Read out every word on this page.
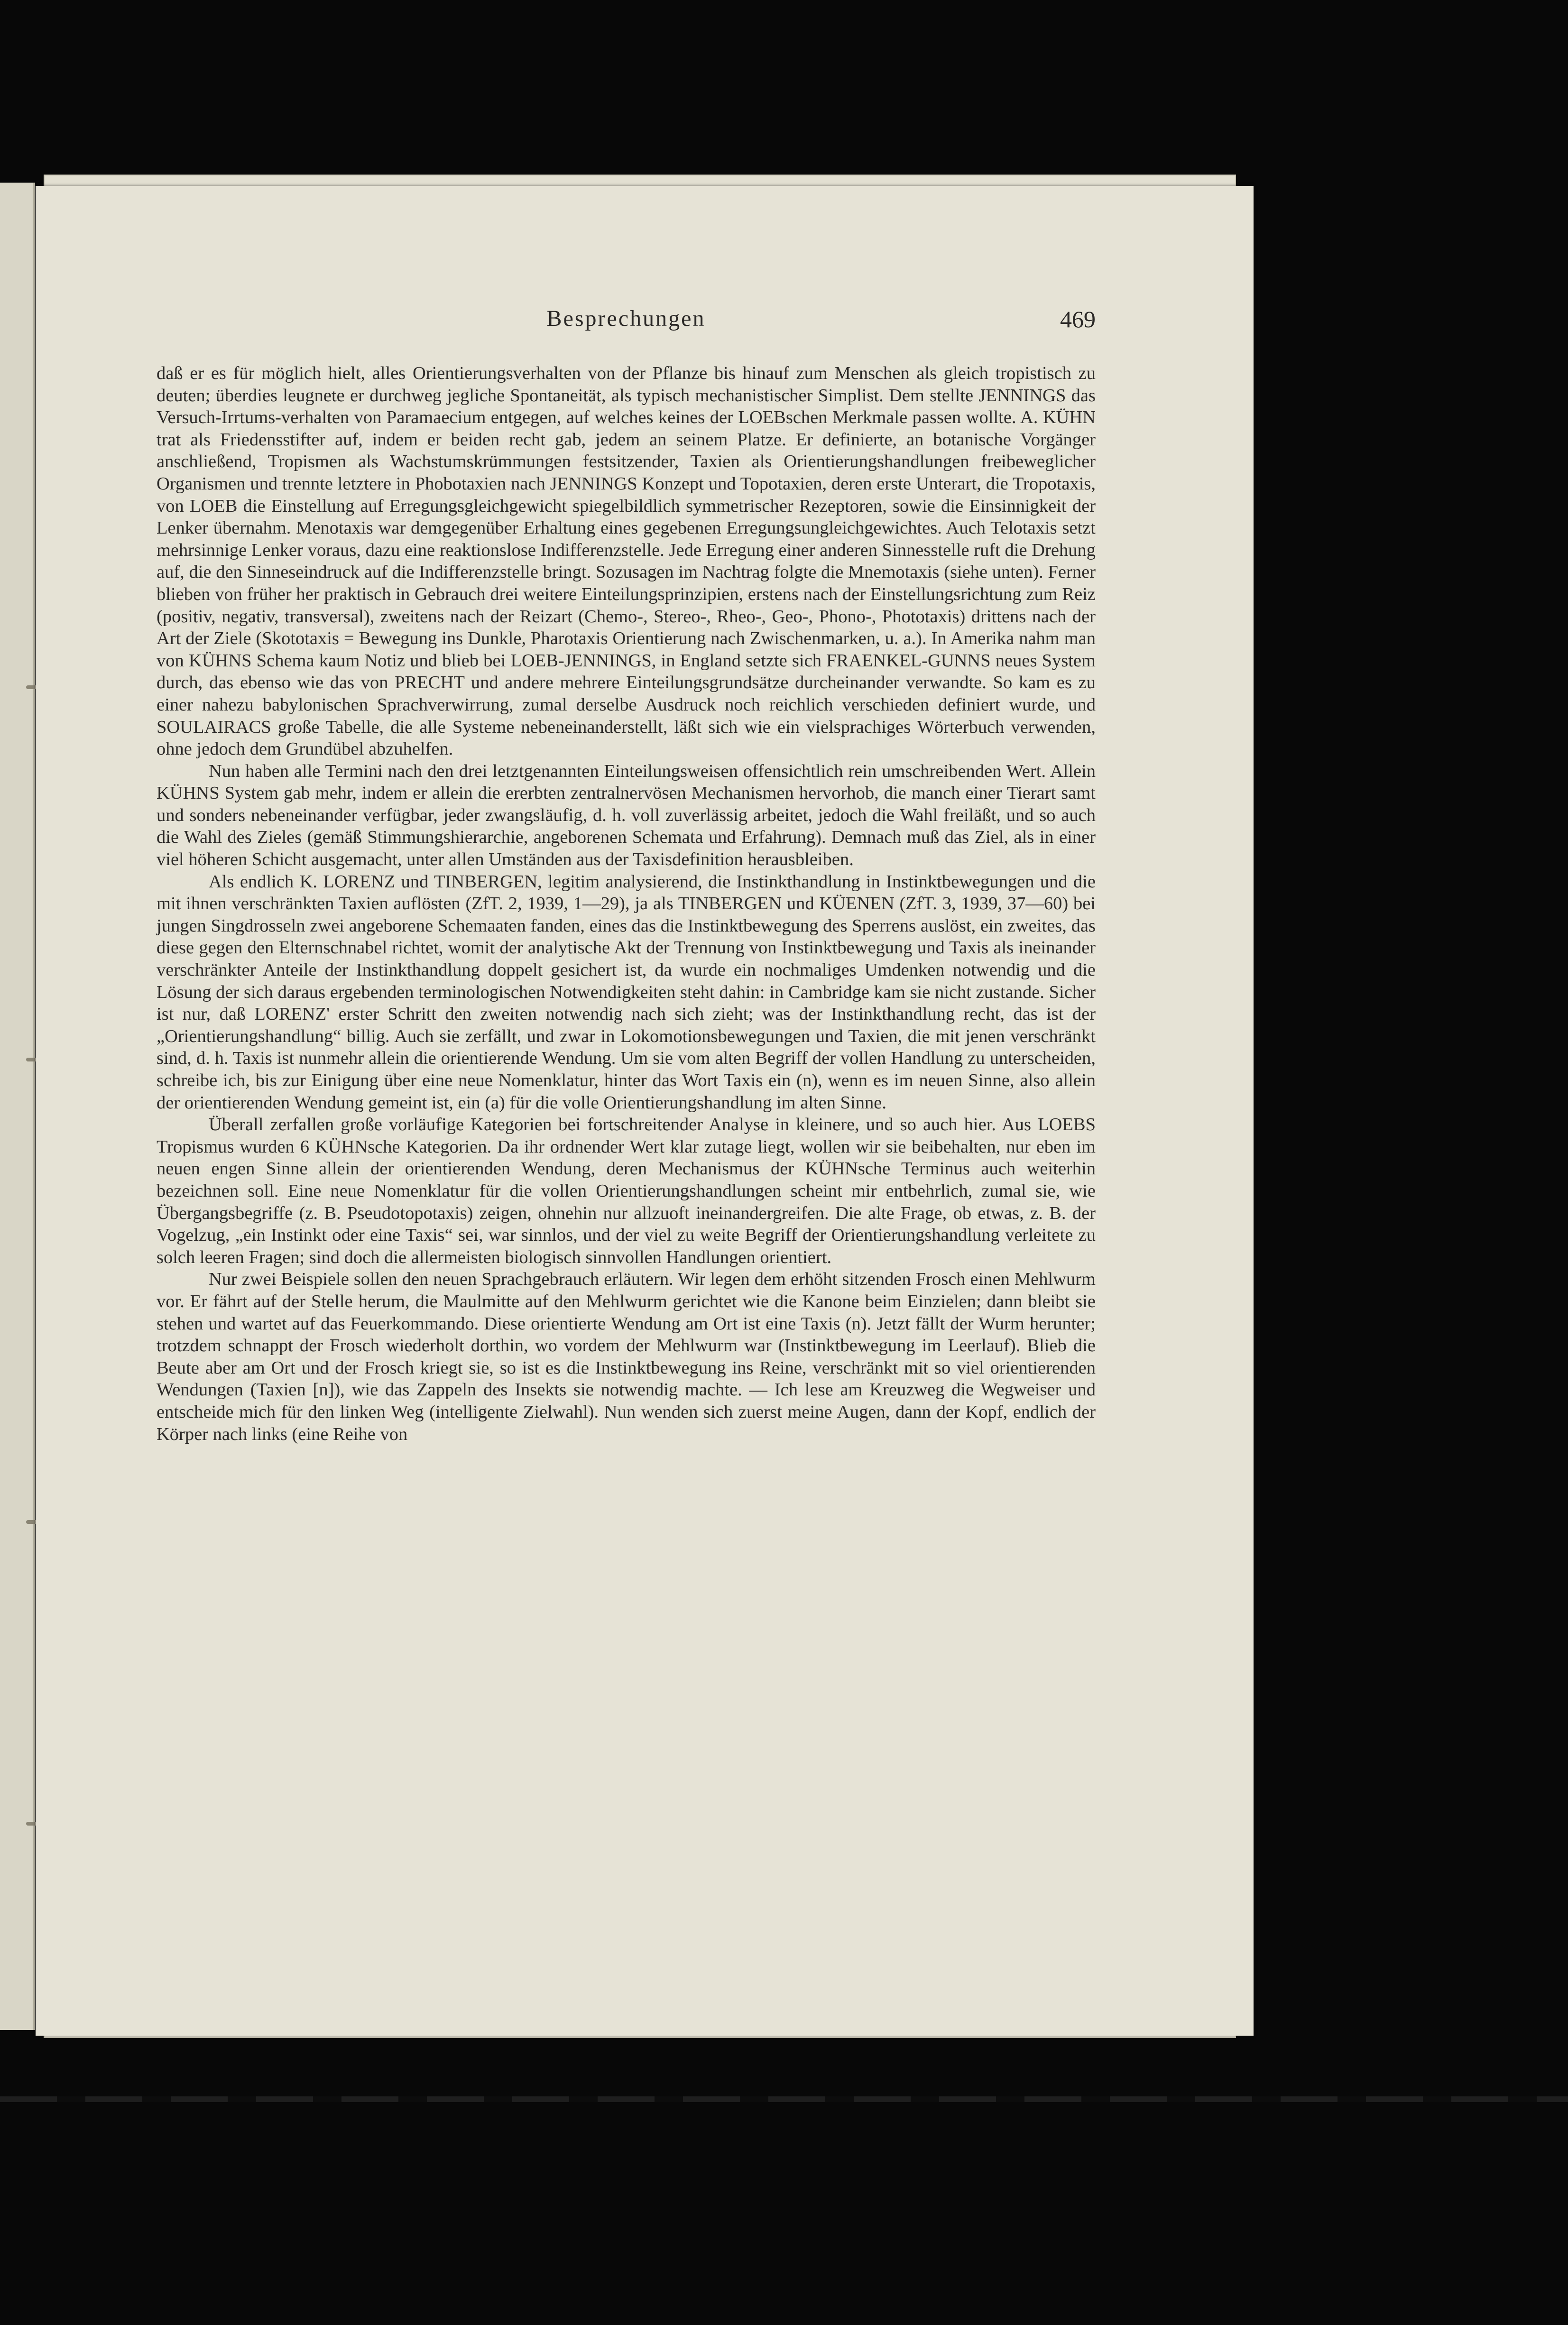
Besprechungen	469

daß er es für möglich hielt, alles Orientierungsverhalten von der Pflanze bis hinauf zum Menschen als gleich tropistisch zu deuten; überdies leugnete er durchweg jegliche Spontaneität, als typisch mechanistischer Simplist. Dem stellte JENNINGS das Versuch-Irrtums-verhalten von Paramaecium entgegen, auf welches keines der LOEBschen Merkmale passen wollte. A. KÜHN trat als Friedensstifter auf, indem er beiden recht gab, jedem an seinem Platze. Er definierte, an botanische Vorgänger anschließend, Tropismen als Wachstumskrümmungen festsitzender, Taxien als Orientierungshandlungen freibeweglicher Organismen und trennte letztere in Phobotaxien nach JENNINGS Konzept und Topotaxien, deren erste Unterart, die Tropotaxis, von LOEB die Einstellung auf Erregungsgleichgewicht spiegelbildlich symmetrischer Rezeptoren, sowie die Einsinnigkeit der Lenker übernahm. Menotaxis war demgegenüber Erhaltung eines gegebenen Erregungsungleichgewichtes. Auch Telotaxis setzt mehrsinnige Lenker voraus, dazu eine reaktionslose Indifferenzstelle. Jede Erregung einer anderen Sinnesstelle ruft die Drehung auf, die den Sinneseindruck auf die Indifferenzstelle bringt. Sozusagen im Nachtrag folgte die Mnemotaxis (siehe unten). Ferner blieben von früher her praktisch in Gebrauch drei weitere Einteilungsprinzipien, erstens nach der Einstellungsrichtung zum Reiz (positiv, negativ, transversal), zweitens nach der Reizart (Chemo-, Stereo-, Rheo-, Geo-, Phono-, Phototaxis) drittens nach der Art der Ziele (Skototaxis = Bewegung ins Dunkle, Pharotaxis Orientierung nach Zwischenmarken, u. a.). In Amerika nahm man von KÜHNS Schema kaum Notiz und blieb bei LOEB-JENNINGS, in England setzte sich FRAENKEL-GUNNS neues System durch, das ebenso wie das von PRECHT und andere mehrere Einteilungsgrundsätze durcheinander verwandte. So kam es zu einer nahezu babylonischen Sprachverwirrung, zumal derselbe Ausdruck noch reichlich verschieden definiert wurde, und SOULAIRACS große Tabelle, die alle Systeme nebeneinanderstellt, läßt sich wie ein vielsprachiges Wörterbuch verwenden, ohne jedoch dem Grundübel abzuhelfen.

Nun haben alle Termini nach den drei letztgenannten Einteilungsweisen offensichtlich rein umschreibenden Wert. Allein KÜHNS System gab mehr, indem er allein die ererbten zentralnervösen Mechanismen hervorhob, die manch einer Tierart samt und sonders nebeneinander verfügbar, jeder zwangsläufig, d. h. voll zuverlässig arbeitet, jedoch die Wahl freiläßt, und so auch die Wahl des Zieles (gemäß Stimmungshierarchie, angeborenen Schemata und Erfahrung). Demnach muß das Ziel, als in einer viel höheren Schicht ausgemacht, unter allen Umständen aus der Taxisdefinition herausbleiben.

Als endlich K. LORENZ und TINBERGEN, legitim analysierend, die Instinkthandlung in Instinktbewegungen und die mit ihnen verschränkten Taxien auflösten (ZfT. 2, 1939, 1—29), ja als TINBERGEN und KÜENEN (ZfT. 3, 1939, 37—60) bei jungen Singdrosseln zwei angeborene Schemaaten fanden, eines das die Instinktbewegung des Sperrens auslöst, ein zweites, das diese gegen den Elternschnabel richtet, womit der analytische Akt der Trennung von Instinktbewegung und Taxis als ineinander verschränkter Anteile der Instinkthandlung doppelt gesichert ist, da wurde ein nochmaliges Umdenken notwendig und die Lösung der sich daraus ergebenden terminologischen Notwendigkeiten steht dahin: in Cambridge kam sie nicht zustande. Sicher ist nur, daß LORENZ' erster Schritt den zweiten notwendig nach sich zieht; was der Instinkthandlung recht, das ist der „Orientierungshandlung“ billig. Auch sie zerfällt, und zwar in Lokomotionsbewegungen und Taxien, die mit jenen verschränkt sind, d. h. Taxis ist nunmehr allein die orientierende Wendung. Um sie vom alten Begriff der vollen Handlung zu unterscheiden, schreibe ich, bis zur Einigung über eine neue Nomenklatur, hinter das Wort Taxis ein (n), wenn es im neuen Sinne, also allein der orientierenden Wendung gemeint ist, ein (a) für die volle Orientierungshandlung im alten Sinne.

Überall zerfallen große vorläufige Kategorien bei fortschreitender Analyse in kleinere, und so auch hier. Aus LOEBS Tropismus wurden 6 KÜHNsche Kategorien. Da ihr ordnender Wert klar zutage liegt, wollen wir sie beibehalten, nur eben im neuen engen Sinne allein der orientierenden Wendung, deren Mechanismus der KÜHNsche Terminus auch weiterhin bezeichnen soll. Eine neue Nomenklatur für die vollen Orientierungshandlungen scheint mir entbehrlich, zumal sie, wie Übergangsbegriffe (z. B. Pseudotopotaxis) zeigen, ohnehin nur allzuoft ineinandergreifen. Die alte Frage, ob etwas, z. B. der Vogelzug, „ein Instinkt oder eine Taxis“ sei, war sinnlos, und der viel zu weite Begriff der Orientierungshandlung verleitete zu solch leeren Fragen; sind doch die allermeisten biologisch sinnvollen Handlungen orientiert.

Nur zwei Beispiele sollen den neuen Sprachgebrauch erläutern. Wir legen dem erhöht sitzenden Frosch einen Mehlwurm vor. Er fährt auf der Stelle herum, die Maulmitte auf den Mehlwurm gerichtet wie die Kanone beim Einzielen; dann bleibt sie stehen und wartet auf das Feuerkommando. Diese orientierte Wendung am Ort ist eine Taxis (n). Jetzt fällt der Wurm herunter; trotzdem schnappt der Frosch wiederholt dorthin, wo vordem der Mehlwurm war (Instinktbewegung im Leerlauf). Blieb die Beute aber am Ort und der Frosch kriegt sie, so ist es die Instinktbewegung ins Reine, verschränkt mit so viel orientierenden Wendungen (Taxien [n]), wie das Zappeln des Insekts sie notwendig machte. — Ich lese am Kreuzweg die Wegweiser und entscheide mich für den linken Weg (intelligente Zielwahl). Nun wenden sich zuerst meine Augen, dann der Kopf, endlich der Körper nach links (eine Reihe von
